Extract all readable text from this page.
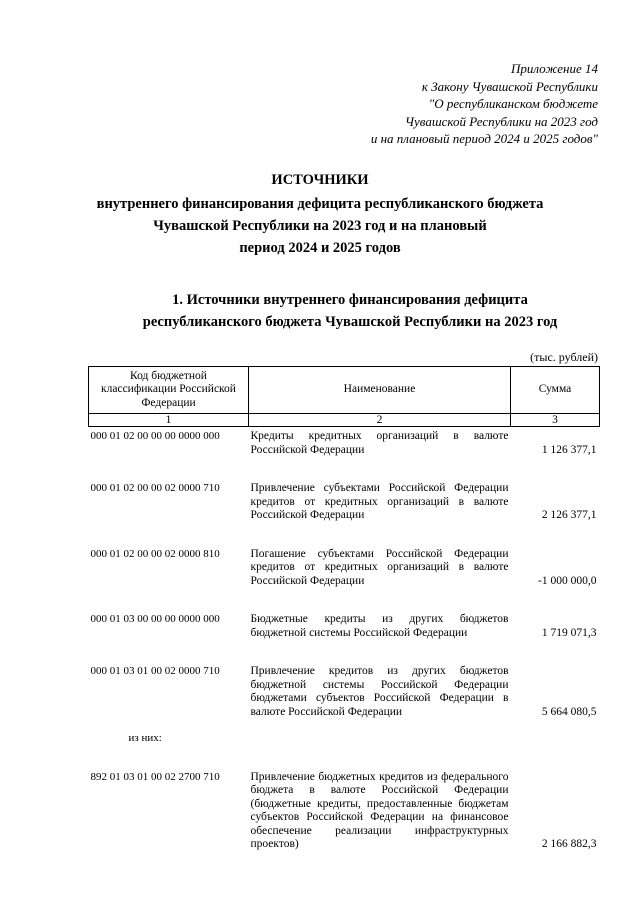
Приложение 14
к Закону Чувашской Республики
"О республиканском бюджете
Чувашской Республики на 2023 год
и на плановый период 2024 и 2025 годов"
ИСТОЧНИКИ
внутреннего финансирования дефицита республиканского бюджета
Чувашской Республики на 2023 год и на плановый
период 2024 и 2025 годов
1. Источники внутреннего финансирования дефицита
республиканского бюджета Чувашской Республики на 2023 год
(тыс. рублей)
Код бюджетной классификации Российской Федерации	Наименование	Сумма
1	2	3
000 01 02 00 00 00 0000 000	Кредиты кредитных организаций в валюте Российской Федерации	1 126 377,1

000 01 02 00 00 02 0000 710	Привлечение субъектами Российской Федерации кредитов от кредитных организаций в валюте Российской Федерации	2 126 377,1

000 01 02 00 00 02 0000 810	Погашение субъектами Российской Федерации кредитов от кредитных организаций в валюте Российской Федерации	-1 000 000,0

000 01 03 00 00 00 0000 000	Бюджетные кредиты из других бюджетов бюджетной системы Российской Федерации	1 719 071,3

000 01 03 01 00 02 0000 710	Привлечение кредитов из других бюджетов бюджетной системы Российской Федерации бюджетами субъектов Российской Федерации в валюте Российской Федерации	5 664 080,5

из них:		

892 01 03 01 00 02 2700 710	Привлечение бюджетных кредитов из федерального бюджета в валюте Российской Федерации (бюджетные кредиты, предоставленные бюджетам субъектов Российской Федерации на финансовое обеспечение реализации инфраструктурных проектов)	2 166 882,3
